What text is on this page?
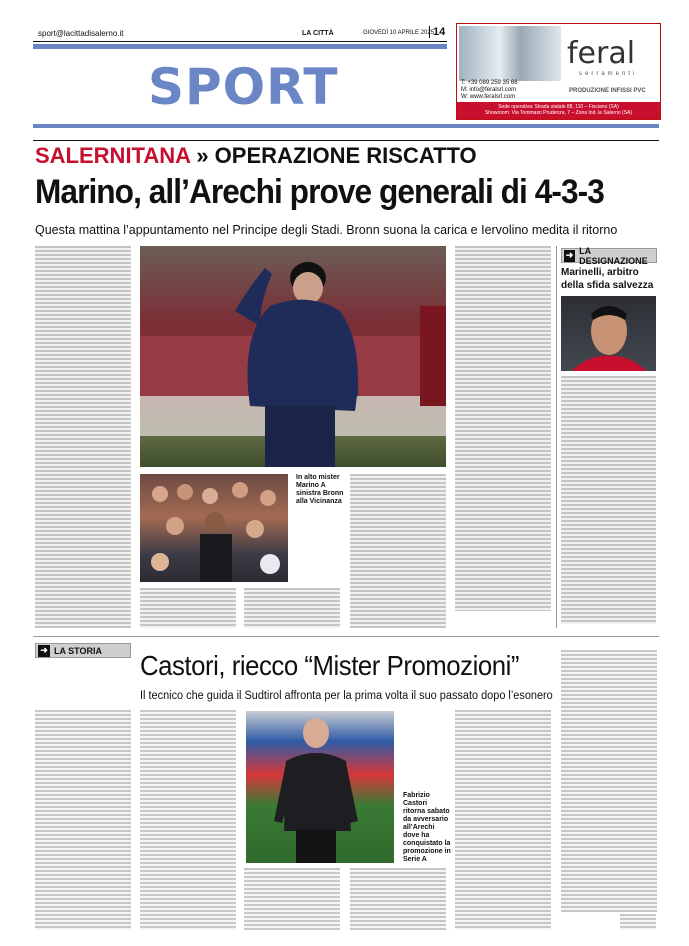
sport@lacittadisalerno.it	LA CITTÀ	GIOVEDÌ 10 APRILE 2025
14
SPORT
feral
serramenti
T: +39 089 259 35 66
M: info@feralsrl.com
W: www.feralsrl.com
PRODUZIONE INFISSI PVC
Sede operativa: Strada statale 88, 110 – Fisciano (SA)
Showroom: Via Tommaso Prudenza, 7 – Zona Ind. le Salerno (SA)
SALERNITANA » OPERAZIONE RISCATTO
Marino, all’Arechi prove generali di 4-3-3
Questa mattina l’appuntamento nel Principe degli Stadi. Bronn suona la carica e Iervolino medita il ritorno
In alto mister Marino A sinistra Bronn alla Vicinanza
➜ LA DESIGNAZIONE
Marinelli, arbitro della sfida salvezza
➜ LA STORIA Castori, riecco “Mister Promozioni”
Il tecnico che guida il Sudtirol affronta per la prima volta il suo passato dopo l’esonero
Fabrizio Castori ritorna sabato da avversario all’Arechi dove ha conquistato la promozione in Serie A
